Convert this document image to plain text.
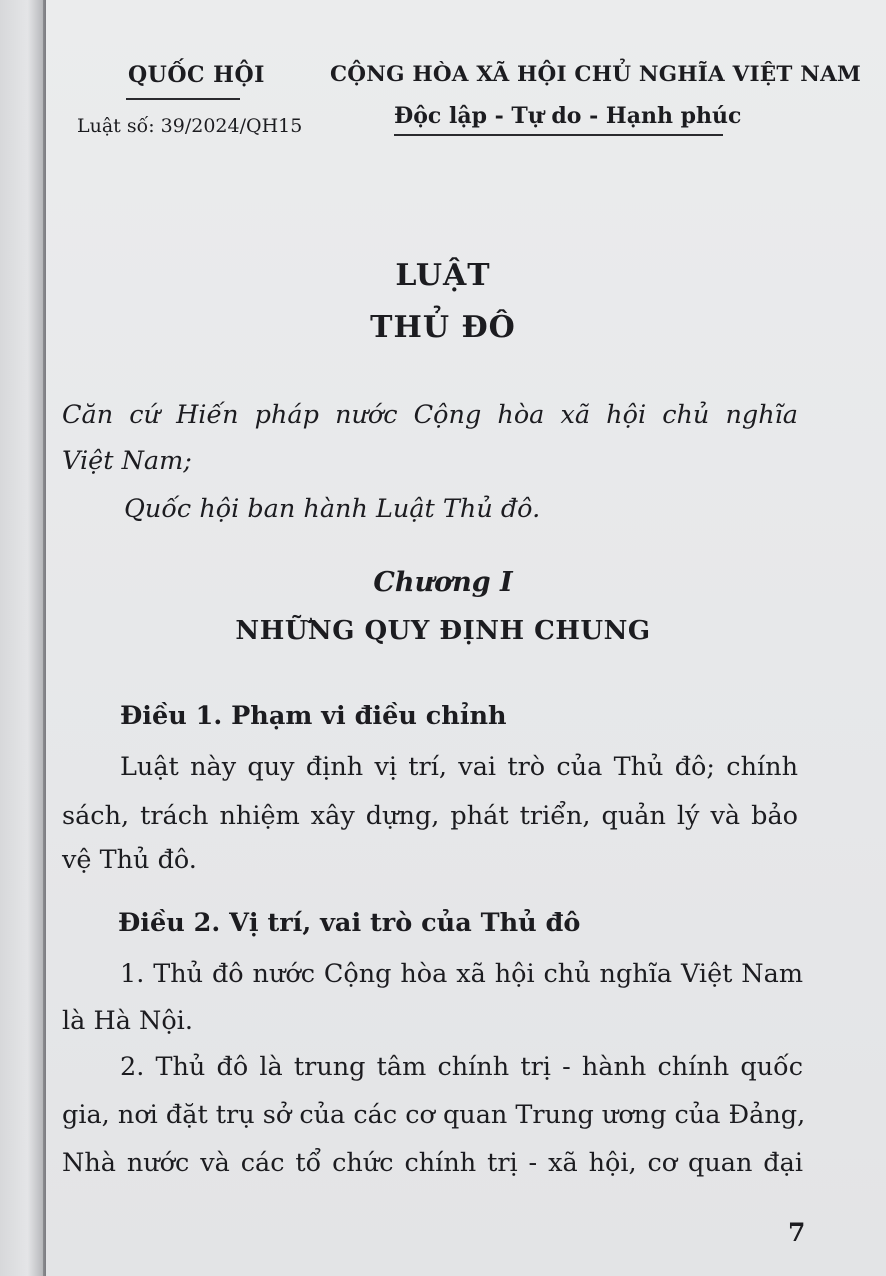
QUỐC HỘI
Luật số: 39/2024/QH15
CỘNG HÒA XÃ HỘI CHỦ NGHĨA VIỆT NAM
Độc lập - Tự do - Hạnh phúc
LUẬT
THỦ ĐÔ
Căn cứ Hiến pháp nước Cộng hòa xã hội chủ nghĩa
Việt Nam;
Quốc hội ban hành Luật Thủ đô.
Chương I
NHỮNG QUY ĐỊNH CHUNG
Điều 1. Phạm vi điều chỉnh
Luật này quy định vị trí, vai trò của Thủ đô; chính
sách, trách nhiệm xây dựng, phát triển, quản lý và bảo
vệ Thủ đô.
Điều 2. Vị trí, vai trò của Thủ đô
1. Thủ đô nước Cộng hòa xã hội chủ nghĩa Việt Nam
là Hà Nội.
2. Thủ đô là trung tâm chính trị - hành chính quốc
gia, nơi đặt trụ sở của các cơ quan Trung ương của Đảng,
Nhà nước và các tổ chức chính trị - xã hội, cơ quan đại
7
